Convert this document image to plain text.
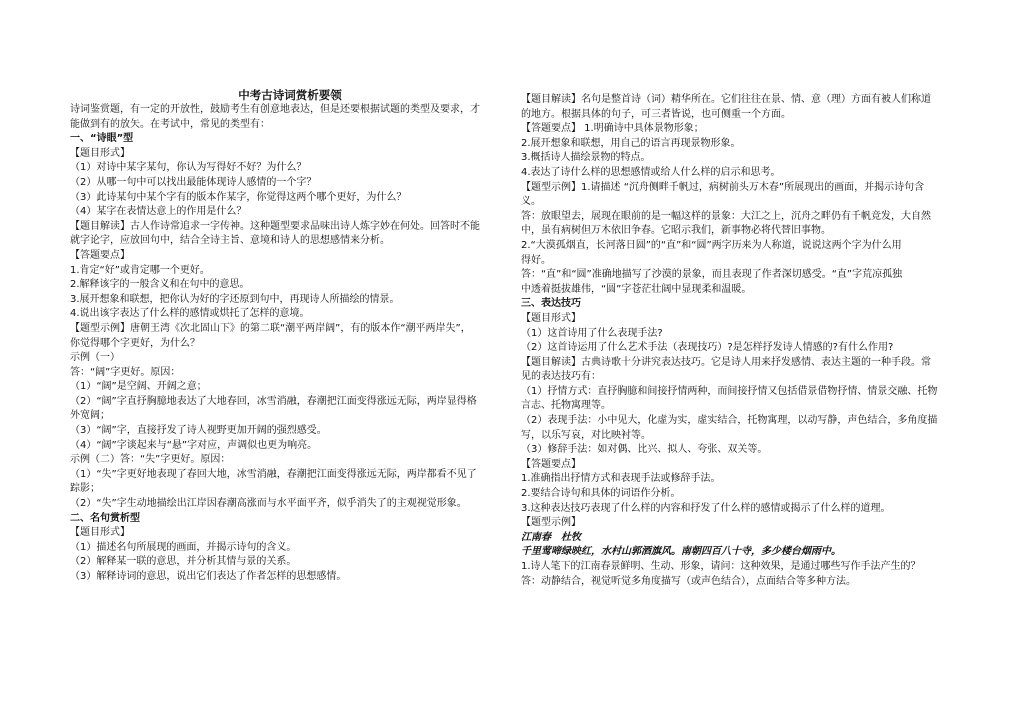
中考古诗词赏析要领
诗词鉴赏题，有一定的开放性，鼓励考生有创意地表达，但是还要根据试题的类型及要求，才
能做到有的放矢。在考试中，常见的类型有：
一、“诗眼”型
【题目形式】
（1）对诗中某字某句，你认为写得好不好？为什么？
（2）从哪一句中可以找出最能体现诗人感情的一个字？
（3）此诗某句中某个字有的版本作某字，你觉得这两个哪个更好，为什么？
（4）某字在表情达意上的作用是什么？
【题目解读】古人作诗常追求一字传神。这种题型要求品味出诗人炼字妙在何处。回答时不能
就字论字，应放回句中，结合全诗主旨、意境和诗人的思想感情来分析。
【答题要点】
1.肯定“好”或肯定哪一个更好。
2.解释该字的一般含义和在句中的意思。
3.展开想象和联想，把你认为好的字还原到句中，再现诗人所描绘的情景。
4.说出该字表达了什么样的感情或烘托了怎样的意境。
【题型示例】唐朝王湾《次北固山下》的第二联“潮平两岸阔”，有的版本作“潮平两岸失”，
你觉得哪个字更好，为什么？
示例（一）
答：“阔”字更好。原因：
（1）“阔”是空阔、开阔之意；
（2）“阔”字直抒胸臆地表达了大地春回，冰雪消融，春潮把江面变得涨远无际，两岸显得格
外宽阔；
（3）“阔”字，直接抒发了诗人视野更加开阔的强烈感受。
（4）“阔”字谈起来与“悬”字对应，声调似也更为响亮。
示例（二）答：“失”字更好。原因：
（1）“失”字更好地表现了春回大地，冰雪消融，春潮把江面变得涨远无际，两岸都看不见了
踪影；
（2）“失”字生动地描绘出江岸因春潮高涨而与水平面平齐，似乎消失了的主观视觉形象。
二、名句赏析型
【题目形式】
（1）描述名句所展现的画面，并揭示诗句的含义。
（2）解释某一联的意思，并分析其情与景的关系。
（3）解释诗词的意思，说出它们表达了作者怎样的思想感情。
【题目解读】名句是整首诗（词）精华所在。它们往往在景、情、意（理）方面有被人们称道
的地方。根据具体的句子，可三者皆说，也可侧重一个方面。
【答题要点】 1.明确诗中具体景物形象；
2.展开想象和联想，用自己的语言再现景物形象。
3.概括诗人描绘景物的特点。
4.表达了诗什么样的思想感情或给人什么样的启示和思考。
【题型示例】1.请描述 “沉舟侧畔千帆过，病树前头万木春”所展现出的画面，并揭示诗句含
义。
答：放眼望去，展现在眼前的是一幅这样的景象：大江之上，沉舟之畔仍有千帆竞发，大自然
中，虽有病树但万木依旧争春。它昭示我们，新事物必将代替旧事物。
2.“大漠孤烟直，长河落日圆”的“直”和“圆”两字历来为人称道，说说这两个字为什么用
得好。
答：“直”和“圆”准确地描写了沙漠的景象，而且表现了作者深切感受。“直”字荒凉孤独
中透着挺拔雄伟，“圆”字苍茫壮阔中显现柔和温暖。
三、表达技巧
【题目形式】
（1）这首诗用了什么表现手法?
（2）这首诗运用了什么艺术手法（表现技巧）?是怎样抒发诗人情感的?有什么作用?
【题目解读】古典诗歌十分讲究表达技巧。它是诗人用来抒发感情、表达主题的一种手段。常
见的表达技巧有：
（1）抒情方式：直抒胸臆和间接抒情两种，而间接抒情又包括借景借物抒情、情景交融、托物
言志、托物寓理等。
（2）表现手法：小中见大，化虚为实，虚实结合，托物寓理，以动写静，声色结合，多角度描
写，以乐写哀，对比映衬等。
（3）修辞手法：如对偶、比兴、拟人、夸张、双关等。
【答题要点】
1.准确指出抒情方式和表现手法或修辞手法。
2.要结合诗句和具体的词语作分析。
3.这种表达技巧表现了什么样的内容和抒发了什么样的感情或揭示了什么样的道理。
【题型示例】
江南春　杜牧
千里莺啼绿映红，水村山郭酒旗风。南朝四百八十寺，多少楼台烟雨中。
1.诗人笔下的江南春景鲜明、生动、形象，请问：这种效果，是通过哪些写作手法产生的？
答：动静结合，视觉听觉多角度描写（或声色结合），点面结合等多种方法。
